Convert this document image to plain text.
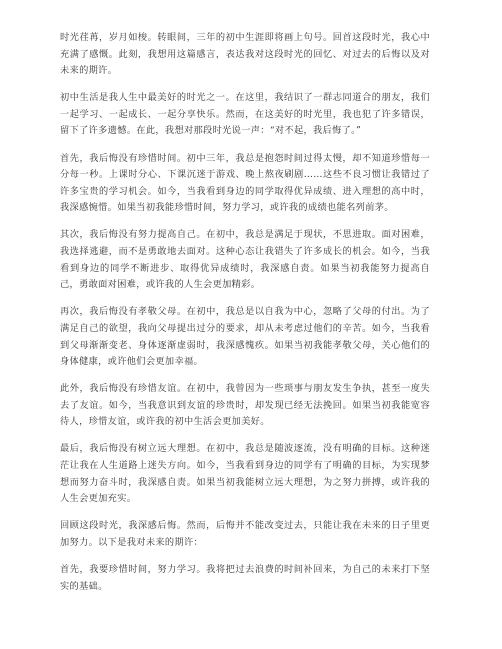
时光荏苒，岁月如梭。转眼间，三年的初中生涯即将画上句号。回首这段时光，我心中充满了感慨。此刻，我想用这篇感言，表达我对这段时光的回忆、对过去的后悔以及对未来的期许。

初中生活是我人生中最美好的时光之一。在这里，我结识了一群志同道合的朋友，我们一起学习、一起成长、一起分享快乐。然而，在这美好的时光里，我也犯了许多错误，留下了许多遗憾。在此，我想对那段时光说一声：“对不起，我后悔了。”

首先，我后悔没有珍惜时间。初中三年，我总是抱怨时间过得太慢，却不知道珍惜每一分每一秒。上课时分心、下课沉迷于游戏、晚上熬夜刷剧……这些不良习惯让我错过了许多宝贵的学习机会。如今，当我看到身边的同学取得优异成绩、进入理想的高中时，我深感惋惜。如果当初我能珍惜时间，努力学习，或许我的成绩也能名列前茅。

其次，我后悔没有努力提高自己。在初中，我总是满足于现状，不思进取。面对困难，我选择逃避，而不是勇敢地去面对。这种心态让我错失了许多成长的机会。如今，当我看到身边的同学不断进步、取得优异成绩时，我深感自责。如果当初我能努力提高自己，勇敢面对困难，或许我的人生会更加精彩。

再次，我后悔没有孝敬父母。在初中，我总是以自我为中心，忽略了父母的付出。为了满足自己的欲望，我向父母提出过分的要求，却从未考虑过他们的辛苦。如今，当我看到父母渐渐变老、身体逐渐虚弱时，我深感愧疚。如果当初我能孝敬父母，关心他们的身体健康，或许他们会更加幸福。

此外，我后悔没有珍惜友谊。在初中，我曾因为一些琐事与朋友发生争执，甚至一度失去了友谊。如今，当我意识到友谊的珍贵时，却发现已经无法挽回。如果当初我能宽容待人，珍惜友谊，或许我的初中生活会更加美好。

最后，我后悔没有树立远大理想。在初中，我总是随波逐流，没有明确的目标。这种迷茫让我在人生道路上迷失方向。如今，当我看到身边的同学有了明确的目标，为实现梦想而努力奋斗时，我深感自责。如果当初我能树立远大理想，为之努力拼搏，或许我的人生会更加充实。

回顾这段时光，我深感后悔。然而，后悔并不能改变过去，只能让我在未来的日子里更加努力。以下是我对未来的期许：

首先，我要珍惜时间，努力学习。我将把过去浪费的时间补回来，为自己的未来打下坚实的基础。
